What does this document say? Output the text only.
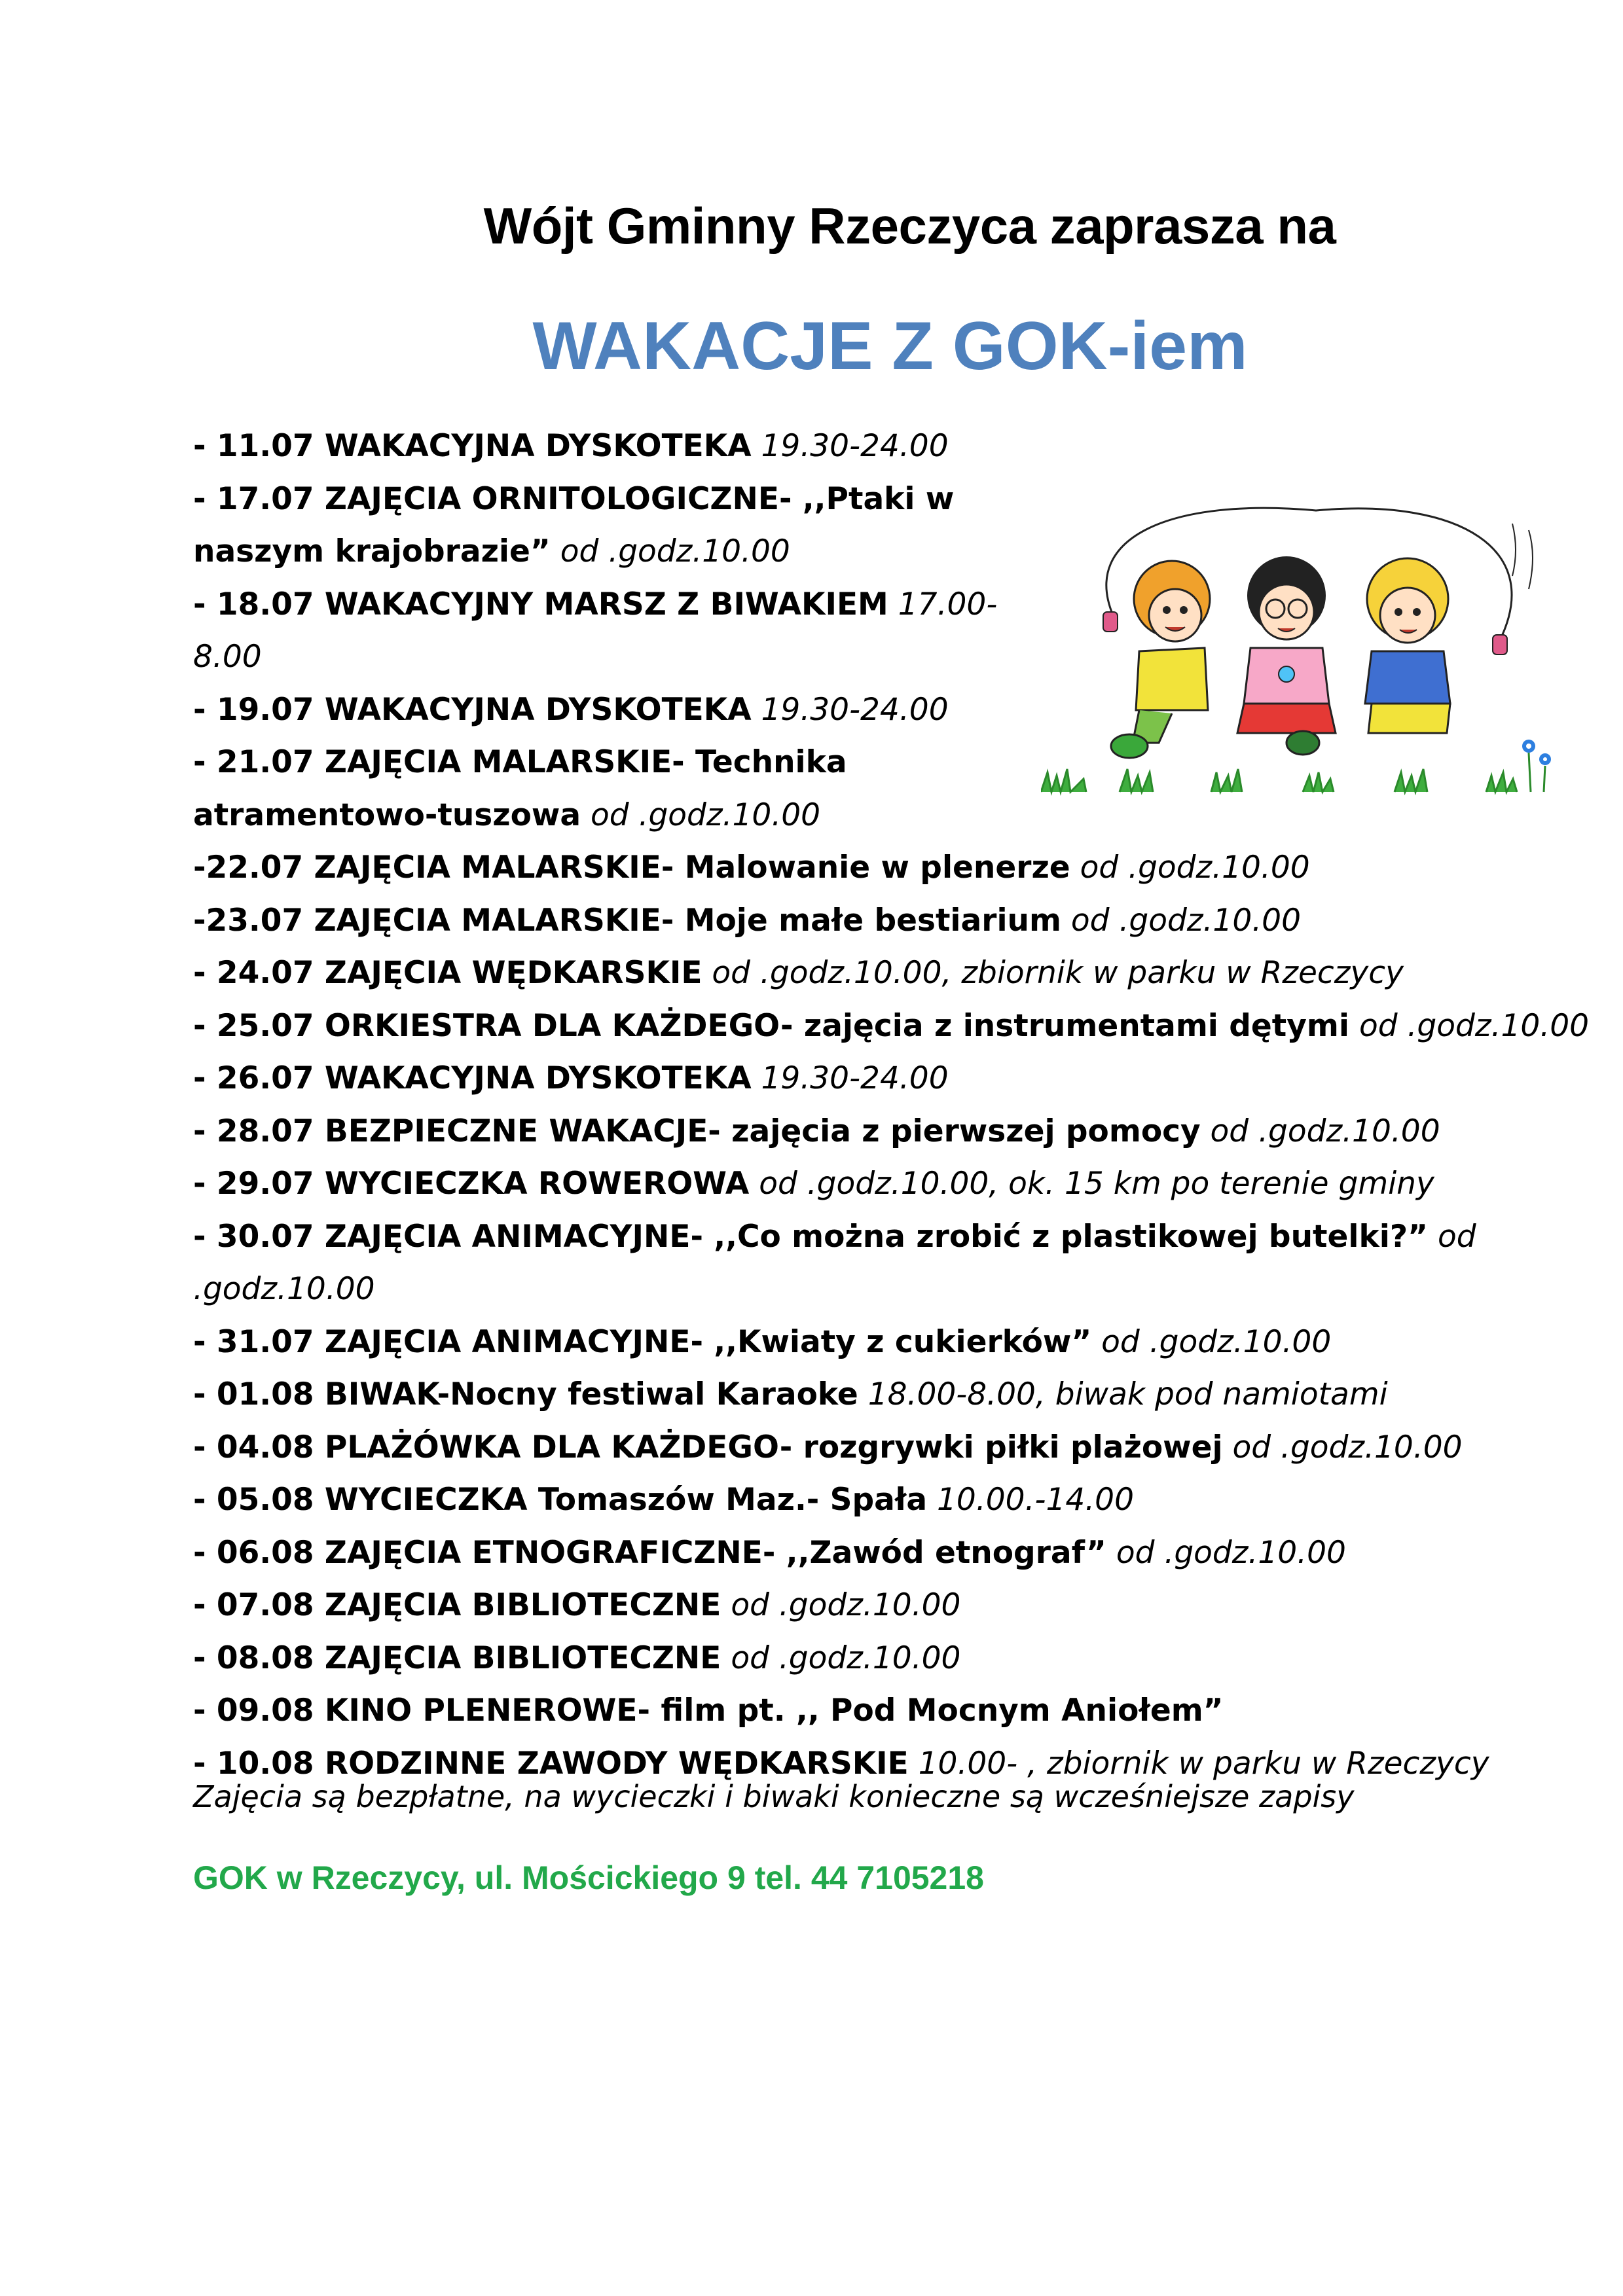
Wójt Gminny Rzeczyca zaprasza na
WAKACJE Z GOK-iem
- 11.07 WAKACYJNA DYSKOTEKA 19.30-24.00
- 17.07 ZAJĘCIA ORNITOLOGICZNE- ,,Ptaki w
naszym krajobrazie” od .godz.10.00
- 18.07 WAKACYJNY MARSZ Z BIWAKIEM 17.00-
8.00
- 19.07 WAKACYJNA DYSKOTEKA 19.30-24.00
- 21.07 ZAJĘCIA MALARSKIE- Technika
atramentowo-tuszowa od .godz.10.00
-22.07 ZAJĘCIA MALARSKIE- Malowanie w plenerze od .godz.10.00
-23.07 ZAJĘCIA MALARSKIE- Moje małe bestiarium od .godz.10.00
- 24.07 ZAJĘCIA WĘDKARSKIE od .godz.10.00, zbiornik w parku w Rzeczycy
- 25.07 ORKIESTRA DLA KAŻDEGO- zajęcia z instrumentami dętymi od .godz.10.00
- 26.07 WAKACYJNA DYSKOTEKA 19.30-24.00
- 28.07 BEZPIECZNE WAKACJE- zajęcia z pierwszej pomocy od .godz.10.00
- 29.07 WYCIECZKA ROWEROWA od .godz.10.00, ok. 15 km po terenie gminy
- 30.07 ZAJĘCIA ANIMACYJNE- ,,Co można zrobić z plastikowej butelki?” od
.godz.10.00
- 31.07 ZAJĘCIA ANIMACYJNE- ,,Kwiaty z cukierków” od .godz.10.00
- 01.08 BIWAK-Nocny festiwal Karaoke 18.00-8.00, biwak pod namiotami
- 04.08 PLAŻÓWKA DLA KAŻDEGO- rozgrywki piłki plażowej od .godz.10.00
- 05.08 WYCIECZKA Tomaszów Maz.- Spała 10.00.-14.00
- 06.08 ZAJĘCIA ETNOGRAFICZNE- ,,Zawód etnograf” od .godz.10.00
- 07.08 ZAJĘCIA BIBLIOTECZNE od .godz.10.00
- 08.08 ZAJĘCIA BIBLIOTECZNE od .godz.10.00
- 09.08 KINO PLENEROWE- film pt. ,, Pod Mocnym Aniołem”
- 10.08 RODZINNE ZAWODY WĘDKARSKIE 10.00- , zbiornik w parku w Rzeczycy
Zajęcia są bezpłatne, na wycieczki i biwaki konieczne są wcześniejsze zapisy
GOK w Rzeczycy, ul. Mościckiego 9 tel. 44 7105218
